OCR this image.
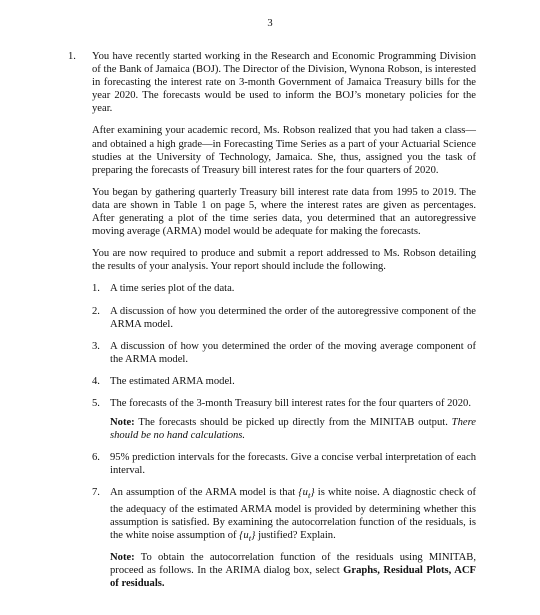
3
1. You have recently started working in the Research and Economic Programming Division of the Bank of Jamaica (BOJ). The Director of the Division, Wynona Robson, is interested in forecasting the interest rate on 3-month Government of Jamaica Treasury bills for the year 2020. The forecasts would be used to inform the BOJ’s monetary policies for the year.

After examining your academic record, Ms. Robson realized that you had taken a class—and obtained a high grade—in Forecasting Time Series as a part of your Actuarial Science studies at the University of Technology, Jamaica. She, thus, assigned you the task of preparing the forecasts of Treasury bill interest rates for the four quarters of 2020.

You began by gathering quarterly Treasury bill interest rate data from 1995 to 2019. The data are shown in Table 1 on page 5, where the interest rates are given as percentages. After generating a plot of the time series data, you determined that an autoregressive moving average (ARMA) model would be adequate for making the forecasts.

You are now required to produce and submit a report addressed to Ms. Robson detailing the results of your analysis. Your report should include the following.

1. A time series plot of the data.
2. A discussion of how you determined the order of the autoregressive component of the ARMA model.
3. A discussion of how you determined the order of the moving average component of the ARMA model.
4. The estimated ARMA model.
5. The forecasts of the 3-month Treasury bill interest rates for the four quarters of 2020.
Note: The forecasts should be picked up directly from the MINITAB output. There should be no hand calculations.
6. 95% prediction intervals for the forecasts. Give a concise verbal interpretation of each interval.
7. An assumption of the ARMA model is that $\{u_t\}$ is white noise. A diagnostic check of the adequacy of the estimated ARMA model is provided by determining whether this assumption is satisfied. By examining the autocorrelation function of the residuals, is the white noise assumption of $\{u_t\}$ justified? Explain.
Note: To obtain the autocorrelation function of the residuals using MINITAB, proceed as follows. In the ARIMA dialog box, select Graphs, Residual Plots, ACF of residuals.
